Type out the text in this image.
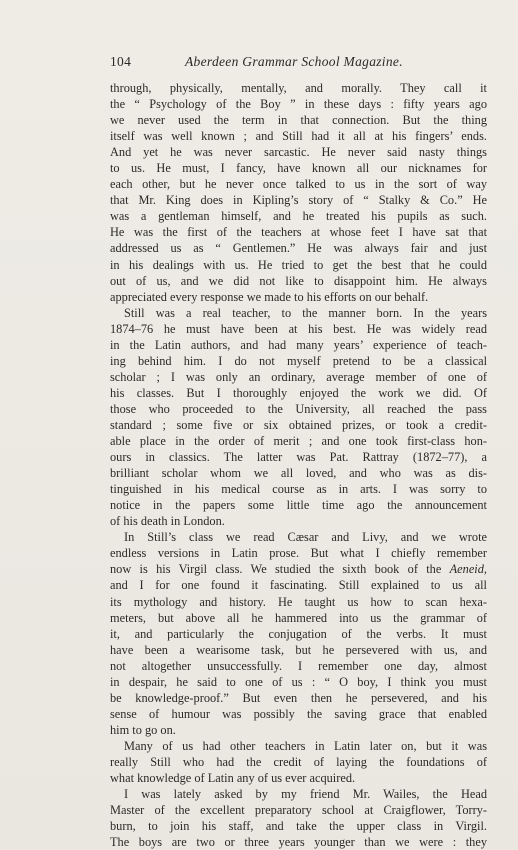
104	Aberdeen Grammar School Magazine.

through, physically, mentally, and morally. They call it
the “ Psychology of the Boy ” in these days : fifty years ago
we never used the term in that connection. But the thing
itself was well known ; and Still had it all at his fingers’ ends.
And yet he was never sarcastic. He never said nasty things
to us. He must, I fancy, have known all our nicknames for
each other, but he never once talked to us in the sort of way
that Mr. King does in Kipling’s story of “ Stalky & Co.” He
was a gentleman himself, and he treated his pupils as such.
He was the first of the teachers at whose feet I have sat that
addressed us as “ Gentlemen.” He was always fair and just
in his dealings with us. He tried to get the best that he could
out of us, and we did not like to disappoint him. He always
appreciated every response we made to his efforts on our behalf.

Still was a real teacher, to the manner born. In the years
1874–76 he must have been at his best. He was widely read
in the Latin authors, and had many years’ experience of teach-
ing behind him. I do not myself pretend to be a classical
scholar ; I was only an ordinary, average member of one of
his classes. But I thoroughly enjoyed the work we did. Of
those who proceeded to the University, all reached the pass
standard ; some five or six obtained prizes, or took a credit-
able place in the order of merit ; and one took first-class hon-
ours in classics. The latter was Pat. Rattray (1872–77), a
brilliant scholar whom we all loved, and who was as dis-
tinguished in his medical course as in arts. I was sorry to
notice in the papers some little time ago the announcement
of his death in London.

In Still’s class we read Cæsar and Livy, and we wrote
endless versions in Latin prose. But what I chiefly remember
now is his Virgil class. We studied the sixth book of the Aeneid,
and I for one found it fascinating. Still explained to us all
its mythology and history. He taught us how to scan hexa-
meters, but above all he hammered into us the grammar of
it, and particularly the conjugation of the verbs. It must
have been a wearisome task, but he persevered with us, and
not altogether unsuccessfully. I remember one day, almost
in despair, he said to one of us : “ O boy, I think you must
be knowledge-proof.” But even then he persevered, and his
sense of humour was possibly the saving grace that enabled
him to go on.

Many of us had other teachers in Latin later on, but it was
really Still who had the credit of laying the foundations of
what knowledge of Latin any of us ever acquired.

I was lately asked by my friend Mr. Wailes, the Head
Master of the excellent preparatory school at Craigflower, Torry-
burn, to join his staff, and take the upper class in Virgil.
The boys are two or three years younger than we were : they
